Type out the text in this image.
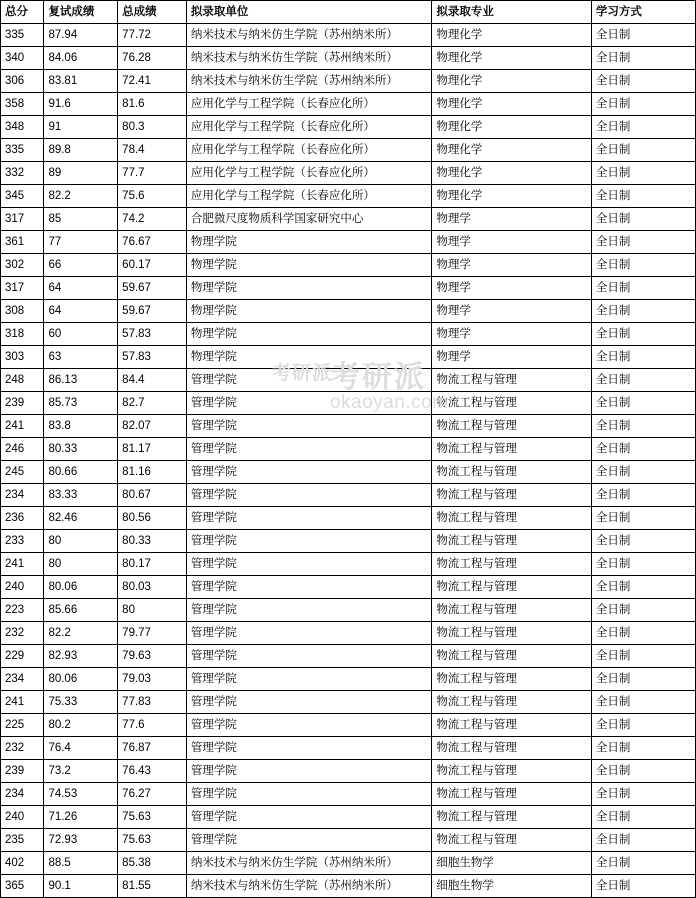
总分	复试成绩	总成绩	拟录取单位	拟录取专业	学习方式
335	87.94	77.72	纳米技术与纳米仿生学院（苏州纳米所）	物理化学	全日制
340	84.06	76.28	纳米技术与纳米仿生学院（苏州纳米所）	物理化学	全日制
306	83.81	72.41	纳米技术与纳米仿生学院（苏州纳米所）	物理化学	全日制
358	91.6	81.6	应用化学与工程学院（长春应化所）	物理化学	全日制
348	91	80.3	应用化学与工程学院（长春应化所）	物理化学	全日制
335	89.8	78.4	应用化学与工程学院（长春应化所）	物理化学	全日制
332	89	77.7	应用化学与工程学院（长春应化所）	物理化学	全日制
345	82.2	75.6	应用化学与工程学院（长春应化所）	物理化学	全日制
317	85	74.2	合肥微尺度物质科学国家研究中心	物理学	全日制
361	77	76.67	物理学院	物理学	全日制
302	66	60.17	物理学院	物理学	全日制
317	64	59.67	物理学院	物理学	全日制
308	64	59.67	物理学院	物理学	全日制
318	60	57.83	物理学院	物理学	全日制
303	63	57.83	物理学院	物理学	全日制
248	86.13	84.4	管理学院	物流工程与管理	全日制
239	85.73	82.7	管理学院	物流工程与管理	全日制
241	83.8	82.07	管理学院	物流工程与管理	全日制
246	80.33	81.17	管理学院	物流工程与管理	全日制
245	80.66	81.16	管理学院	物流工程与管理	全日制
234	83.33	80.67	管理学院	物流工程与管理	全日制
236	82.46	80.56	管理学院	物流工程与管理	全日制
233	80	80.33	管理学院	物流工程与管理	全日制
241	80	80.17	管理学院	物流工程与管理	全日制
240	80.06	80.03	管理学院	物流工程与管理	全日制
223	85.66	80	管理学院	物流工程与管理	全日制
232	82.2	79.77	管理学院	物流工程与管理	全日制
229	82.93	79.63	管理学院	物流工程与管理	全日制
234	80.06	79.03	管理学院	物流工程与管理	全日制
241	75.33	77.83	管理学院	物流工程与管理	全日制
225	80.2	77.6	管理学院	物流工程与管理	全日制
232	76.4	76.87	管理学院	物流工程与管理	全日制
239	73.2	76.43	管理学院	物流工程与管理	全日制
234	74.53	76.27	管理学院	物流工程与管理	全日制
240	71.26	75.63	管理学院	物流工程与管理	全日制
235	72.93	75.63	管理学院	物流工程与管理	全日制
402	88.5	85.38	纳米技术与纳米仿生学院（苏州纳米所）	细胞生物学	全日制
365	90.1	81.55	纳米技术与纳米仿生学院（苏州纳米所）	细胞生物学	全日制
考研派
考研派
okaoyan.com
